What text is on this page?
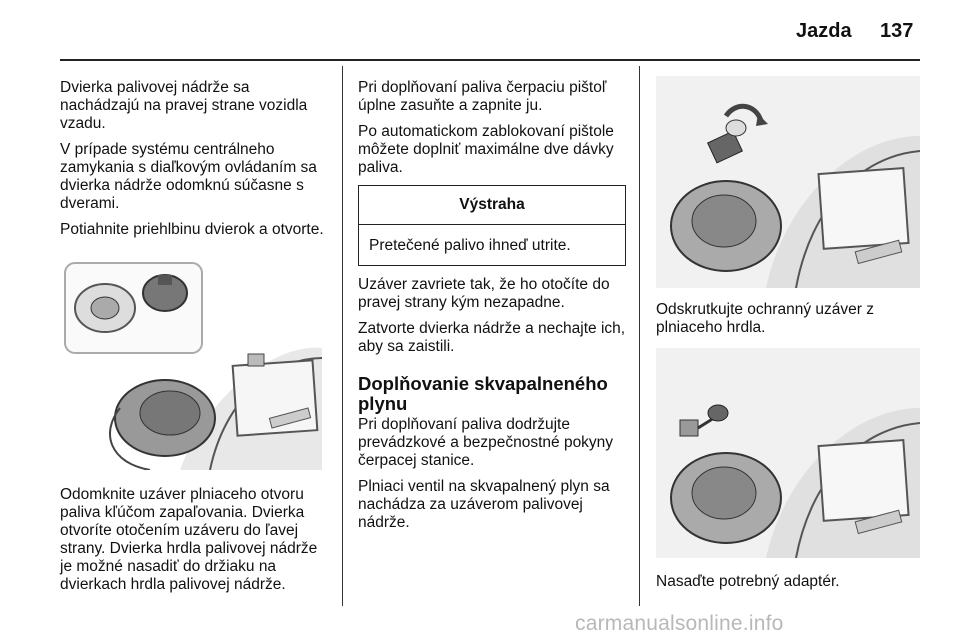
Jazda 137

Dvierka palivovej nádrže sa nachádzajú na pravej strane vozidla vzadu.

V prípade systému centrálneho zamykania s diaľkovým ovládaním sa dvierka nádrže odomknú súčasne s dverami.

Potiahnite priehlbinu dvierok a otvorte.

Odomknite uzáver plniaceho otvoru paliva kľúčom zapaľovania. Dvierka otvoríte otočením uzáveru do ľavej strany. Dvierka hrdla palivovej nádrže je možné nasadiť do držiaku na dvierkach hrdla palivovej nádrže.

Pri doplňovaní paliva čerpaciu pištoľ úplne zasuňte a zapnite ju.

Po automatickom zablokovaní pištole môžete doplniť maximálne dve dávky paliva.

Výstraha
Pretečené palivo ihneď utrite.

Uzáver zavriete tak, že ho otočíte do pravej strany kým nezapadne.

Zatvorte dvierka nádrže a nechajte ich, aby sa zaistili.

Doplňovanie skvapalneného plynu

Pri doplňovaní paliva dodržujte prevádzkové a bezpečnostné pokyny čerpacej stanice.

Plniaci ventil na skvapalnený plyn sa nachádza za uzáverom palivovej nádrže.

Odskrutkujte ochranný uzáver z plniaceho hrdla.

Nasaďte potrebný adaptér.

carmanualsonline.info
